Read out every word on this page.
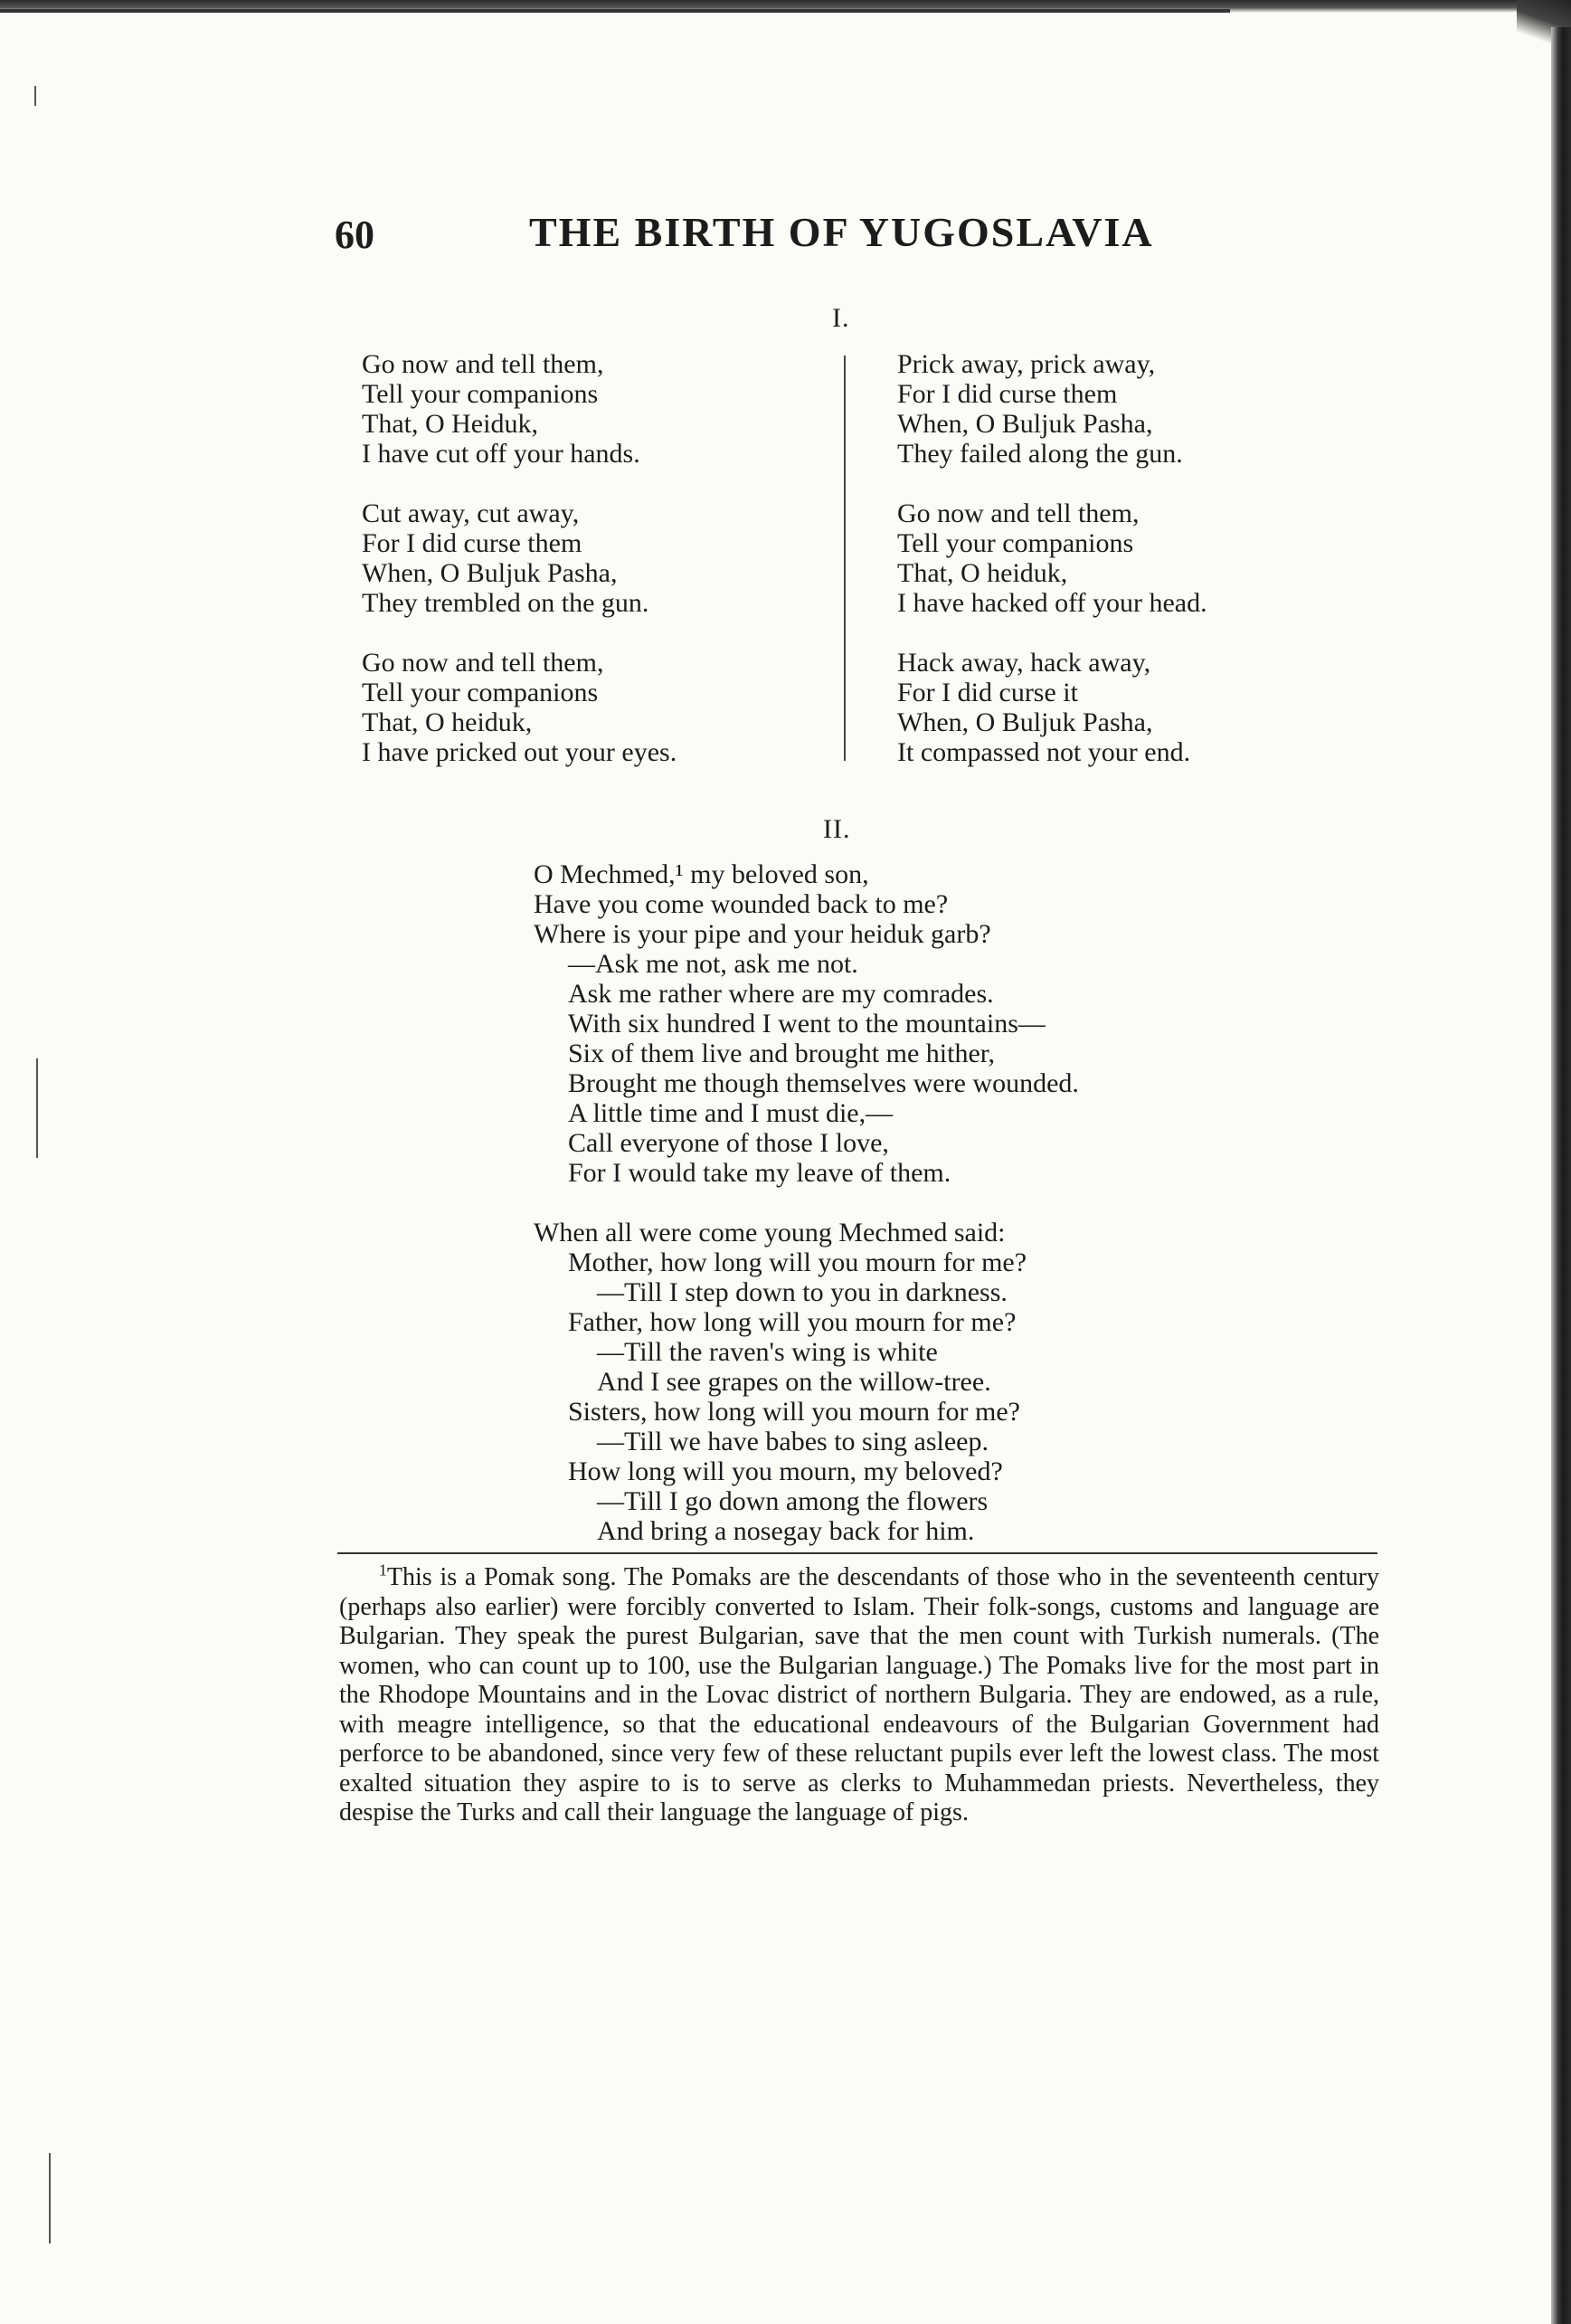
60	THE BIRTH OF YUGOSLAVIA
I.
Go now and tell them,
Tell your companions
That, O Heiduk,
I have cut off your hands.
Cut away, cut away,
For I did curse them
When, O Buljuk Pasha,
They trembled on the gun.
Go now and tell them,
Tell your companions
That, O heiduk,
I have pricked out your eyes.
Prick away, prick away,
For I did curse them
When, O Buljuk Pasha,
They failed along the gun.
Go now and tell them,
Tell your companions
That, O heiduk,
I have hacked off your head.
Hack away, hack away,
For I did curse it
When, O Buljuk Pasha,
It compassed not your end.
II.
O Mechmed,¹ my beloved son,
Have you come wounded back to me?
Where is your pipe and your heiduk garb?
—Ask me not, ask me not.
Ask me rather where are my comrades.
With six hundred I went to the mountains—
Six of them live and brought me hither,
Brought me though themselves were wounded.
A little time and I must die,—
Call everyone of those I love,
For I would take my leave of them.
When all were come young Mechmed said:
Mother, how long will you mourn for me?
—Till I step down to you in darkness.
Father, how long will you mourn for me?
—Till the raven's wing is white
And I see grapes on the willow-tree.
Sisters, how long will you mourn for me?
—Till we have babes to sing asleep.
How long will you mourn, my beloved?
—Till I go down among the flowers
And bring a nosegay back for him.
$^1$This is a Pomak song. The Pomaks are the descendants of those who in the seventeenth century (perhaps also earlier) were forcibly converted to Islam. Their folk-songs, customs and language are Bulgarian. They speak the purest Bulgarian, save that the men count with Turkish numerals. (The women, who can count up to 100, use the Bulgarian language.) The Pomaks live for the most part in the Rhodope Mountains and in the Lovac district of northern Bulgaria. They are endowed, as a rule, with meagre intelligence, so that the educational endeavours of the Bulgarian Government had perforce to be abandoned, since very few of these reluctant pupils ever left the lowest class. The most exalted situation they aspire to is to serve as clerks to Muhammedan priests. Nevertheless, they despise the Turks and call their language the language of pigs.
